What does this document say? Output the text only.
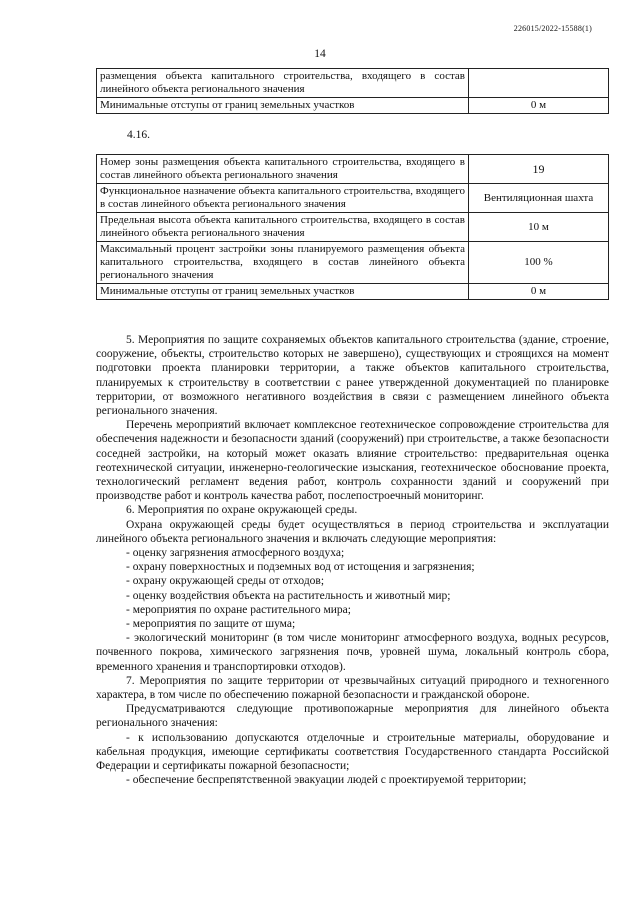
226015/2022-15588(1)
14
размещения объекта капитального строительства, входящего в состав линейного объекта регионального значения	
Минимальные отступы от границ земельных участков	0 м
4.16.
Номер зоны размещения объекта капитального строительства, входящего в состав линейного объекта регионального значения	19
Функциональное назначение объекта капитального строительства, входящего в состав линейного объекта регионального значения	Вентиляционная шахта
Предельная высота объекта капитального строительства, входящего в состав линейного объекта регионального значения	10 м
Максимальный процент застройки зоны планируемого размещения объекта капитального строительства, входящего в состав линейного объекта регионального значения	100 %
Минимальные отступы от границ земельных участков	0 м

5. Мероприятия по защите сохраняемых объектов капитального строительства (здание, строение, сооружение, объекты, строительство которых не завершено), существующих и строящихся на момент подготовки проекта планировки территории, а также объектов капитального строительства, планируемых к строительству в соответствии с ранее утвержденной документацией по планировке территории, от возможного негативного воздействия в связи с размещением линейного объекта регионального значения.

Перечень мероприятий включает комплексное геотехническое сопровождение строительства для обеспечения надежности и безопасности зданий (сооружений) при строительстве, а также безопасности соседней застройки, на который может оказать влияние строительство: предварительная оценка геотехнической ситуации, инженерно-геологические изыскания, геотехническое обоснование проекта, технологический регламент ведения работ, контроль сохранности зданий и сооружений при производстве работ и контроль качества работ, послепостроечный мониторинг.

6. Мероприятия по охране окружающей среды.

Охрана окружающей среды будет осуществляться в период строительства и эксплуатации линейного объекта регионального значения и включать следующие мероприятия:

- оценку загрязнения атмосферного воздуха;

- охрану поверхностных и подземных вод от истощения и загрязнения;

- охрану окружающей среды от отходов;

- оценку воздействия объекта на растительность и животный мир;

- мероприятия по охране растительного мира;

- мероприятия по защите от шума;

- экологический мониторинг (в том числе мониторинг атмосферного воздуха, водных ресурсов, почвенного покрова, химического загрязнения почв, уровней шума, локальный контроль сбора, временного хранения и транспортировки отходов).

7. Мероприятия по защите территории от чрезвычайных ситуаций природного и техногенного характера, в том числе по обеспечению пожарной безопасности и гражданской обороне.

Предусматриваются следующие противопожарные мероприятия для линейного объекта регионального значения:

- к использованию допускаются отделочные и строительные материалы, оборудование и кабельная продукция, имеющие сертификаты соответствия Государственного стандарта Российской Федерации и сертификаты пожарной безопасности;

- обеспечение беспрепятственной эвакуации людей с проектируемой территории;
